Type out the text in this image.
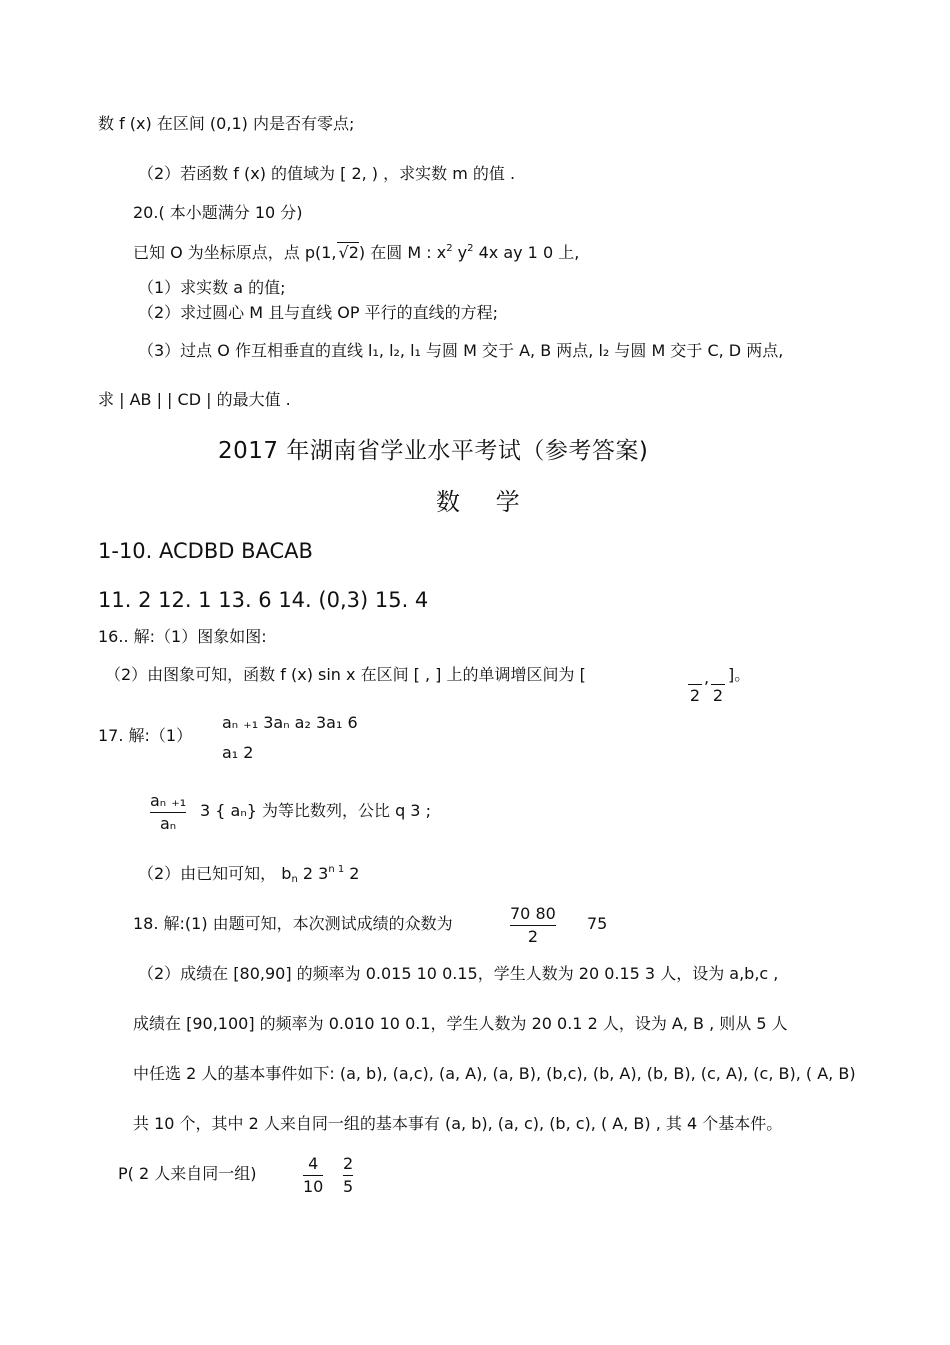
数 f (x) 在区间 (0,1) 内是否有零点;
（2）若函数 f (x) 的值域为 [ 2, ) ，求实数 m 的值 .
20.( 本小题满分 10 分)
已知 O 为坐标原点，点 p(1, √2) 在圆 M : $x^2$ $y^2$ 4x ay 1 0 上,
（1）求实数 a 的值;
（2）求过圆心 M 且与直线 OP 平行的直线的方程;
（3）过点 O 作互相垂直的直线 l₁, l₂, l₁ 与圆 M 交于 A, B 两点, l₂ 与圆 M 交于 C, D 两点,
求 | AB | | CD | 的最大值 .
2017 年湖南省学业水平考试（参考答案)
数 学
1-10. ACDBD BACAB
11. 2 12. 1 13. 6 14. (0,3) 15. 4
16.. 解:（1）图象如图:
（2）由图象可知，函数 f (x) sin x 在区间 [ , ] 上的单调增区间为 [

2
,

2
]。
17. 解:（1）
aₙ ₊₁ 3aₙ a₂ 3a₁ 6
a₁ 2
aₙ ₊₁
aₙ
3 { aₙ} 为等比数列，公比 q 3 ;
（2）由已知可知， $b_n$ 2 $3^{n 1}$ 2
18. 解:(1) 由题可知，本次测试成绩的众数为
70 80
2
75
（2）成绩在 [80,90] 的频率为 0.015 10 0.15，学生人数为 20 0.15 3 人，设为 a,b,c ,
成绩在 [90,100] 的频率为 0.010 10 0.1，学生人数为 20 0.1 2 人，设为 A, B , 则从 5 人
中任选 2 人的基本事件如下: (a, b), (a,c), (a, A), (a, B), (b,c), (b, A), (b, B), (c, A), (c, B), ( A, B)
共 10 个，其中 2 人来自同一组的基本事有 (a, b), (a, c), (b, c), ( A, B) , 其 4 个基本件。
P( 2 人来自同一组)
4
10
2
5
